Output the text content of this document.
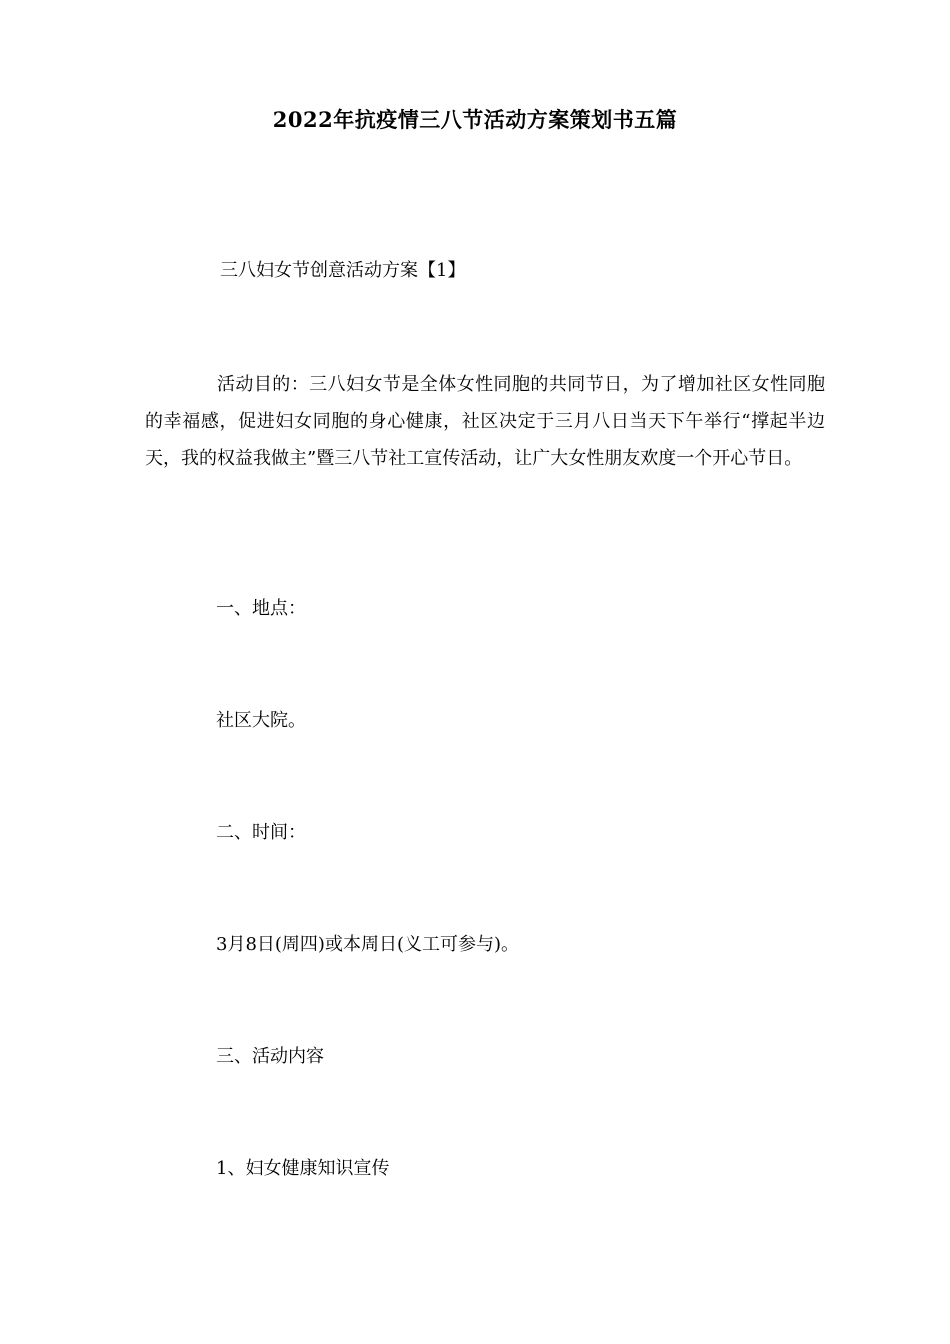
2022年抗疫情三八节活动方案策划书五篇
三八妇女节创意活动方案【1】
活动目的：三八妇女节是全体女性同胞的共同节日，为了增加社区女性同胞的幸福感，促进妇女同胞的身心健康，社区决定于三月八日当天下午举行“撑起半边天，我的权益我做主”暨三八节社工宣传活动，让广大女性朋友欢度一个开心节日。
一、地点：
社区大院。
二、时间：
3月8日(周四)或本周日(义工可参与)。
三、活动内容
1、妇女健康知识宣传
